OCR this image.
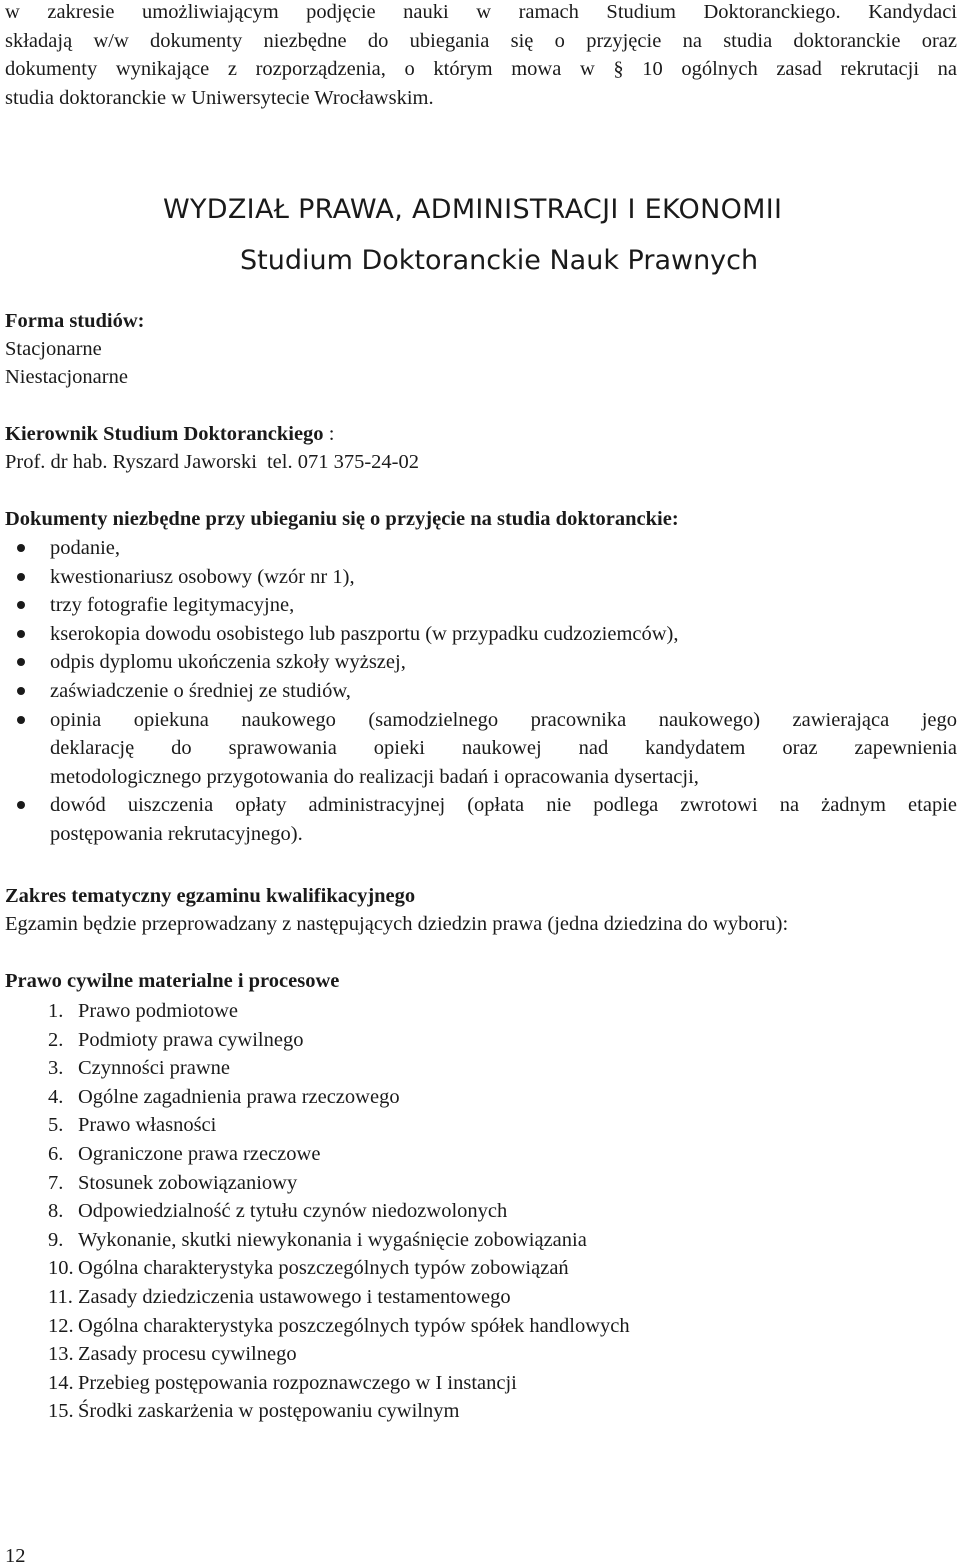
w zakresie umożliwiającym podjęcie nauki w ramach Studium Doktoranckiego. Kandydaci
składają w/w dokumenty niezbędne do ubiegania się o przyjęcie na studia doktoranckie oraz
dokumenty wynikające z rozporządzenia, o którym mowa w § 10 ogólnych zasad rekrutacji na
studia doktoranckie w Uniwersytecie Wrocławskim.
WYDZIAŁ PRAWA, ADMINISTRACJI I EKONOMII
Studium Doktoranckie Nauk Prawnych
Forma studiów:
Stacjonarne
Niestacjonarne
Kierownik Studium Doktoranckiego :
Prof. dr hab. Ryszard Jaworski tel. 071 375-24-02
Dokumenty niezbędne przy ubieganiu się o przyjęcie na studia doktoranckie:
podanie,
kwestionariusz osobowy (wzór nr 1),
trzy fotografie legitymacyjne,
kserokopia dowodu osobistego lub paszportu (w przypadku cudzoziemców),
odpis dyplomu ukończenia szkoły wyższej,
zaświadczenie o średniej ze studiów,
opinia opiekuna naukowego (samodzielnego pracownika naukowego) zawierająca jego
deklarację do sprawowania opieki naukowej nad kandydatem oraz zapewnienia
metodologicznego przygotowania do realizacji badań i opracowania dysertacji,
dowód uiszczenia opłaty administracyjnej (opłata nie podlega zwrotowi na żadnym etapie
postępowania rekrutacyjnego).
Zakres tematyczny egzaminu kwalifikacyjnego
Egzamin będzie przeprowadzany z następujących dziedzin prawa (jedna dziedzina do wyboru):
Prawo cywilne materialne i procesowe
1. Prawo podmiotowe
2. Podmioty prawa cywilnego
3. Czynności prawne
4. Ogólne zagadnienia prawa rzeczowego
5. Prawo własności
6. Ograniczone prawa rzeczowe
7. Stosunek zobowiązaniowy
8. Odpowiedzialność z tytułu czynów niedozwolonych
9. Wykonanie, skutki niewykonania i wygaśnięcie zobowiązania
10. Ogólna charakterystyka poszczególnych typów zobowiązań
11. Zasady dziedziczenia ustawowego i testamentowego
12. Ogólna charakterystyka poszczególnych typów spółek handlowych
13. Zasady procesu cywilnego
14. Przebieg postępowania rozpoznawczego w I instancji
15. Środki zaskarżenia w postępowaniu cywilnym
12
